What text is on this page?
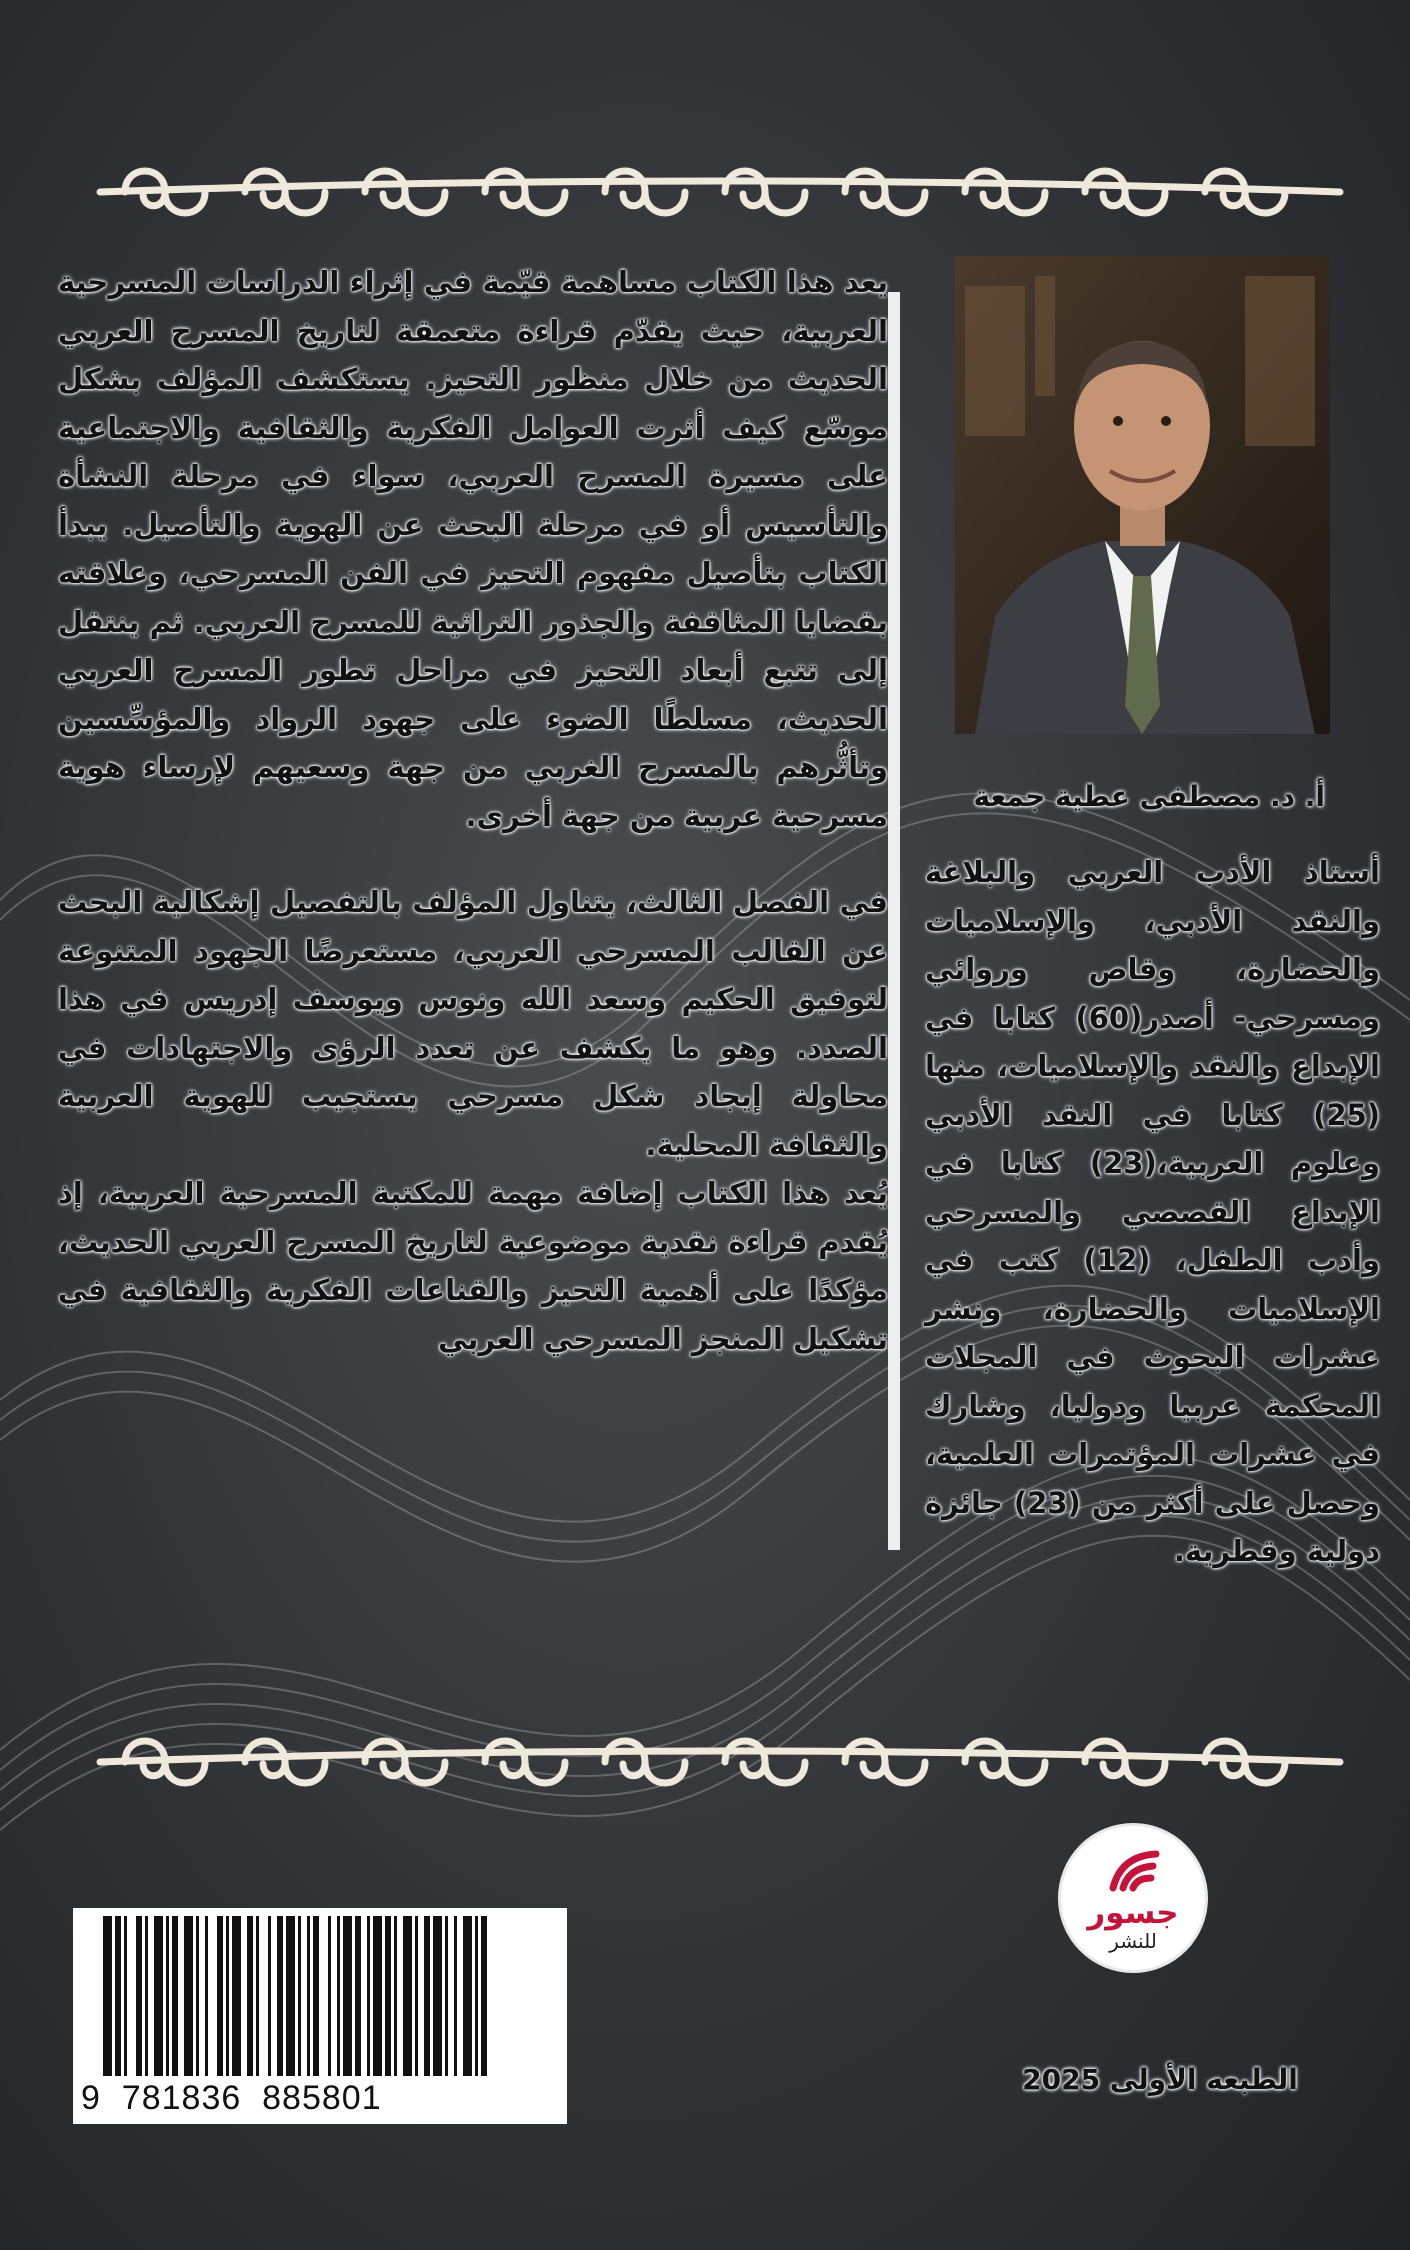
يعد هذا الكتاب مساهمة قيّمة في إثراء الدراسات المسرحية العربية، حيث يقدّم قراءة متعمقة لتاريخ المسرح العربي الحديث من خلال منظور التحيز. يستكشف المؤلف بشكل موسّع كيف أثرت العوامل الفكرية والثقافية والاجتماعية على مسيرة المسرح العربي، سواء في مرحلة النشأة والتأسيس أو في مرحلة البحث عن الهوية والتأصيل. يبدأ الكتاب بتأصيل مفهوم التحيز في الفن المسرحي، وعلاقته بقضايا المثاقفة والجذور التراثية للمسرح العربي. ثم ينتقل إلى تتبع أبعاد التحيز في مراحل تطور المسرح العربي الحديث، مسلطًا الضوء على جهود الرواد والمؤسِّسين وتأثُّرهم بالمسرح الغربي من جهة وسعيهم لإرساء هوية مسرحية عربية من جهة أخرى.

في الفصل الثالث، يتناول المؤلف بالتفصيل إشكالية البحث عن القالب المسرحي العربي، مستعرضًا الجهود المتنوعة لتوفيق الحكيم وسعد الله ونوس ويوسف إدريس في هذا الصدد. وهو ما يكشف عن تعدد الرؤى والاجتهادات في محاولة إيجاد شكل مسرحي يستجيب للهوية العربية والثقافة المحلية.

يُعد هذا الكتاب إضافة مهمة للمكتبة المسرحية العربية، إذ يُقدم قراءة نقدية موضوعية لتاريخ المسرح العربي الحديث، مؤكدًا على أهمية التحيز والقناعات الفكرية والثقافية في تشكيل المنجز المسرحي العربي

أ. د. مصطفى عطية جمعة
أستاذ الأدب العربي والبلاغة والنقد الأدبي، والإسلاميات والحضارة، وقاص وروائي ومسرحي- أصدر(60) كتابا في الإبداع والنقد والإسلاميات، منها (25) كتابا في النقد الأدبي وعلوم العربية،(23) كتابا في الإبداع القصصي والمسرحي وأدب الطفل، (12) كتب في الإسلاميات والحضارة، ونشر عشرات البحوث في المجلات المحكمة عربيا ودوليا، وشارك في عشرات المؤتمرات العلمية، وحصل على أكثر من (23) جائزة دولية وقطرية.
جسور
للنشر
الطبعه الأولى 2025
9  781836  885801
